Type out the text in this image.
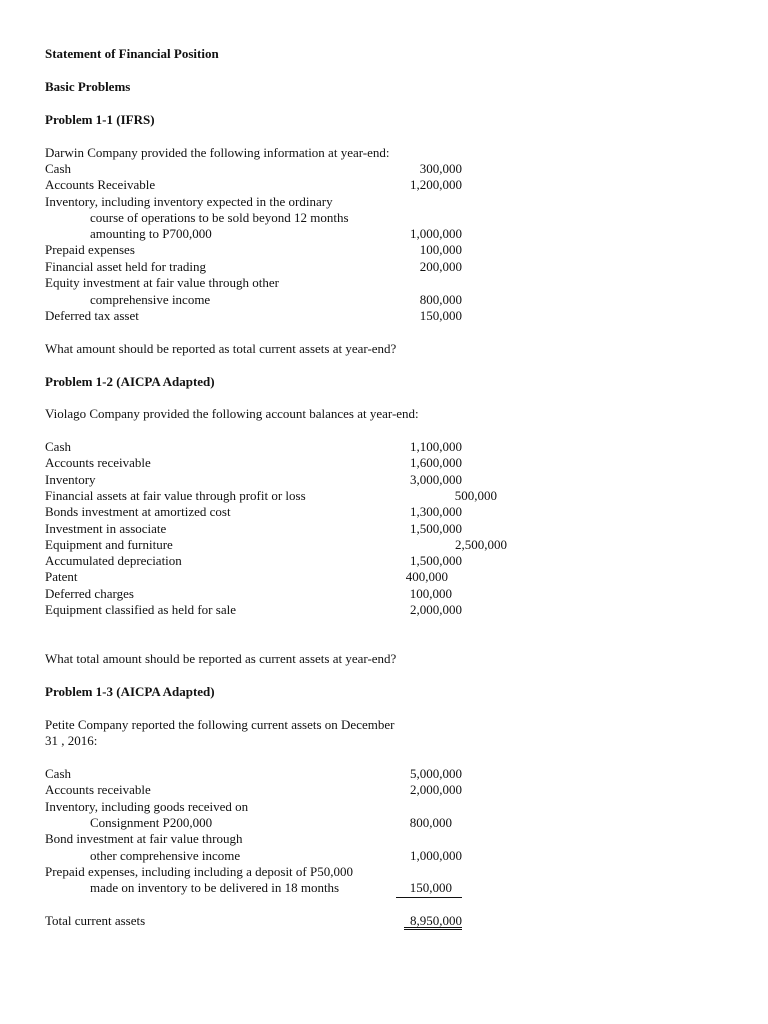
Statement of Financial Position
Basic Problems
Problem 1-1 (IFRS)
Darwin Company provided the following information at year-end:
Cash	300,000
Accounts Receivable	1,200,000
Inventory, including inventory expected in the ordinary
course of operations to be sold beyond 12 months
amounting to P700,000	1,000,000
Prepaid expenses	100,000
Financial asset held for trading	200,000
Equity investment at fair value through other
comprehensive income	800,000
Deferred tax asset	150,000
What amount should be reported as total current assets at year-end?
Problem 1-2 (AICPA Adapted)
Violago Company provided the following account balances at year-end:
Cash	1,100,000
Accounts receivable	1,600,000
Inventory	3,000,000
Financial assets at fair value through profit or loss	500,000
Bonds investment at amortized cost	1,300,000
Investment in associate	1,500,000
Equipment and furniture	2,500,000
Accumulated depreciation	1,500,000
Patent	400,000
Deferred charges	100,000
Equipment classified as held for sale	2,000,000
What total amount should be reported as current assets at year-end?
Problem 1-3 (AICPA Adapted)
Petite Company reported the following current assets on December
31 , 2016:
Cash	5,000,000
Accounts receivable	2,000,000
Inventory, including goods received on
Consignment P200,000	800,000
Bond investment at fair value through
other comprehensive income	1,000,000
Prepaid expenses, including including a deposit of P50,000
made on inventory to be delivered in 18 months	150,000
Total current assets	8,950,000
